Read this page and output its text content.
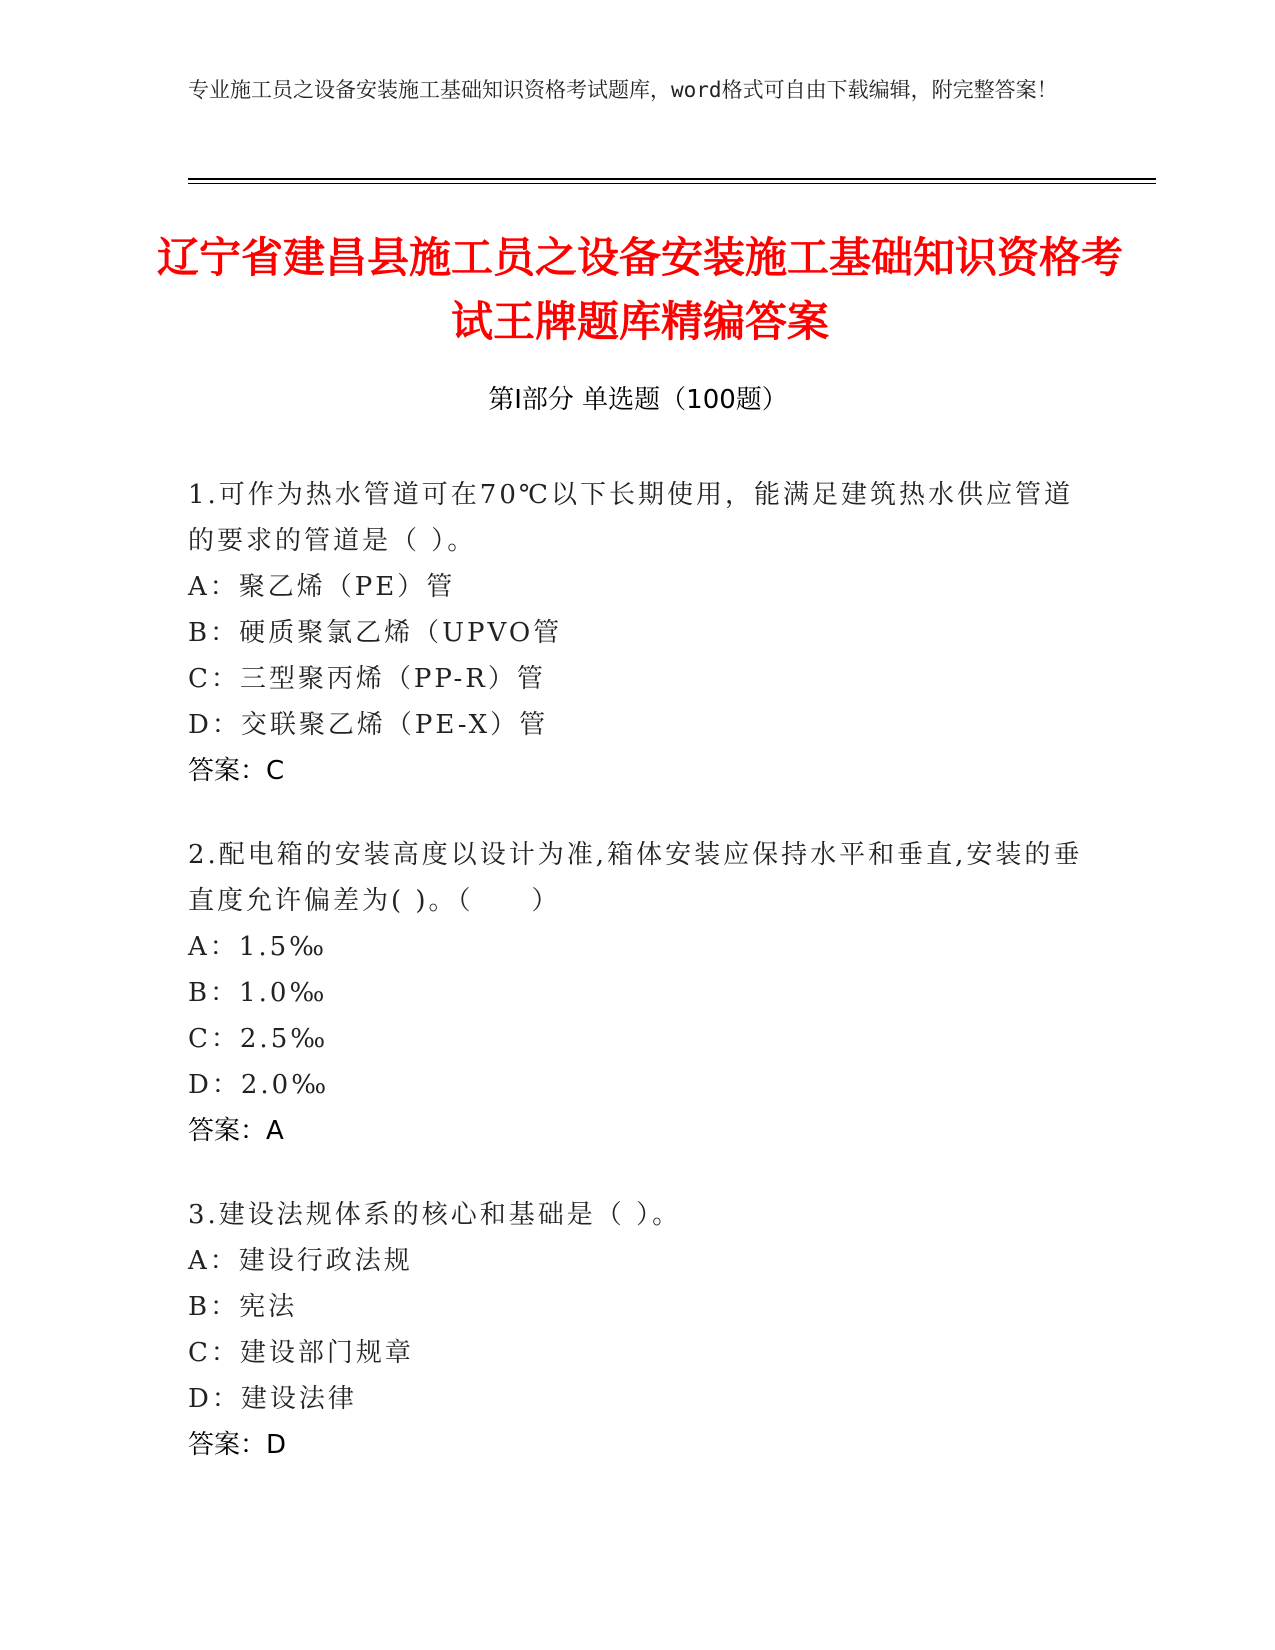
专业施工员之设备安装施工基础知识资格考试题库，word格式可自由下载编辑，附完整答案！
辽宁省建昌县施工员之设备安装施工基础知识资格考试王牌题库精编答案
第Ⅰ部分 单选题（100题）
1.可作为热水管道可在70℃以下长期使用，能满足建筑热水供应管道的要求的管道是（ ）。
A：聚乙烯（PE）管
B：硬质聚氯乙烯（UPVO管
C：三型聚丙烯（PP-R）管
D：交联聚乙烯（PE-X）管
答案：C
2.配电箱的安装高度以设计为准,箱体安装应保持水平和垂直,安装的垂直度允许偏差为( )。（　　）
A：1.5‰
B：1.0‰
C：2.5‰
D：2.0‰
答案：A
3.建设法规体系的核心和基础是（ ）。
A：建设行政法规
B：宪法
C：建设部门规章
D：建设法律
答案：D
